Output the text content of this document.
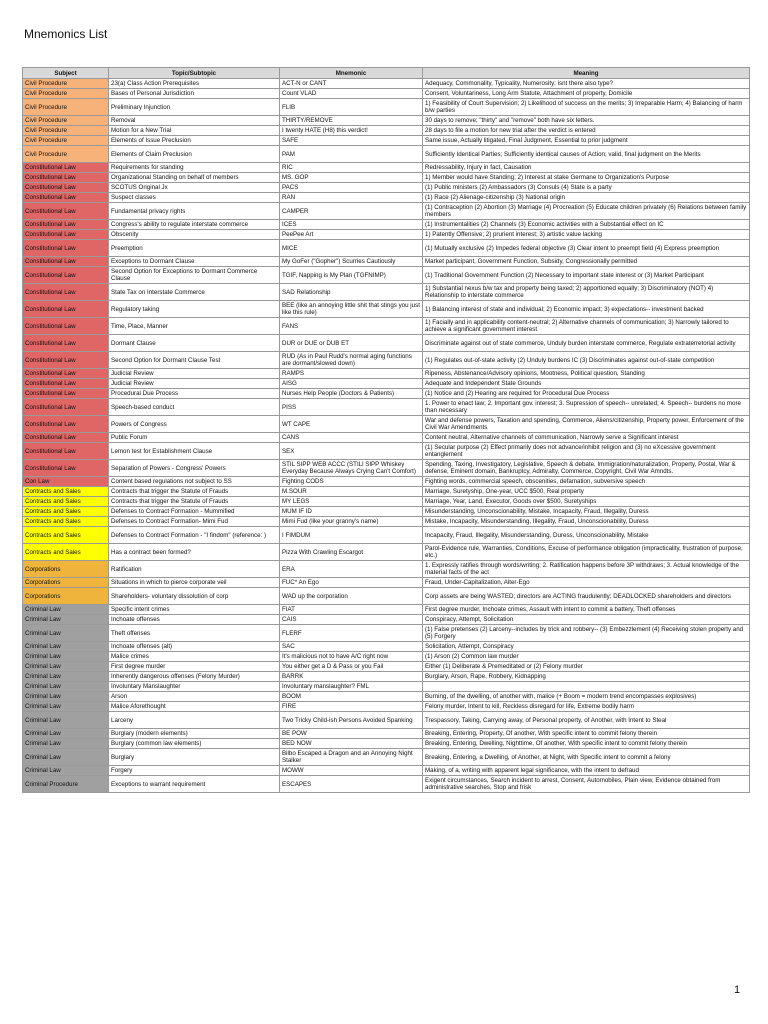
Mnemonics List
Subject	Topic/Subtopic	Mnemonic	Meaning
Civil Procedure	23(a) Class Action Prerequisites	ACT-N or CANT	Adequacy, Commonality, Typicality, Numerosity; isnt there also type?
Civil Procedure	Bases of Personal Jurisdiction	Count VLAD	Consent, Voluntariness, Long Arm Statute, Attachment of property, Domicile
Civil Procedure	Preliminary Injunction	FLIB	1) Feasibility of Court Supervision; 2) Likelihood of success on the merits; 3) Irreparable Harm; 4) Balancing of harm b/w parties
Civil Procedure	Removal	THIRTY/REMOVE	30 days to remove; "thirty" and "remove" both have six letters.
Civil Procedure	Motion for a New Trial	I twenty HATE (H8) this verdict!	28 days to file a motion for new trial after the verdict is entered
Civil Procedure	Elements of Issue Preclusion	SAFE	Same issue, Actually litigated, Final Judgment, Essential to prior judgment
Civil Procedure	Elements of Claim Preclusion	PAM	Sufficiently Identical Parties; Sufficiently identical causes of Action; valid, final judgment on the Merits
Constitutional Law	Requirements for standing	RIC	Redressability, Injury in fact, Causation
Constitutional Law	Organizational Standing on behalf of members	MS. GOP	1) Member would have Standing; 2) Interest at stake Germane to Organization's Purpose
Constitutional Law	SCOTUS Original Jx	PACS	(1) Public ministers (2) Ambassadors (3) Consuls (4) State is a party
Constitutional Law	Suspect classes	RAN	(1) Race (2) Alienage-citizenship (3) National origin
Constitutional Law	Fundamental privacy rights	CAMPER	(1) Contraception (2) Abortion (3) Marriage (4) Procreation (5) Educate children privately (6) Relations between family members
Constitutional Law	Congress's ability to regulate interstate commerce	ICES	(1) Instrumentalities (2) Channels (3) Economic activities with a Substantial effect on IC
Constitutional Law	Obscenity	PeePee Art	1) Patently Offensive; 2) prurient interest; 3) artistic value lacking
Constitutional Law	Preemption	MICE	(1) Mutually exclusive (2) Impedes federal objective (3) Clear intent to preempt field (4) Express preemption
Constitutional Law	Exceptions to Dormant Clause	My GoFer ("Gopher") Scurries Cautiously	Market participant, Government Function, Subsidy, Congressionally permitted
Constitutional Law	Second Option for Exceptions to Dormant Commerce Clause	TGIF, Napping is My Plan (TGFNIMP)	(1) Traditional Government Function (2) Necessary to important state interest or (3) Market Participant
Constitutional Law	State Tax on Interstate Commerce	SAD Relationship	1) Substantial nexus b/w tax and property being taxed; 2) apportioned equally; 3) Discriminatory (NOT) 4) Relationship to interstate commerce
Constitutional Law	Regulatory taking	BEE (like an annoying little shit that stings you just like this rule)	1) Balancing interest of state and individual; 2) Economic impact; 3) expectations-- investment backed
Constitutional Law	Time, Place, Manner	FANS	1) Facially and in applicability content-neutral; 2) Alternative channels of communication; 3) Narrowly tailored to achieve a significant government interest
Constitutional Law	Dormant Clause	DUR or DUE or DUB ET	Discriminate against out of state commerce, Unduly burden interstate commerce, Regulate extraterretorial activity
Constitutional Law	Second Option for Dormant Clause Test	RUD (As in Paul Rudd's normal aging functions are dormant/slowed down)	(1) Regulates out-of-state activity (2) Unduly burdens IC (3) Discriminates against out-of-state competition
Constitutional Law	Judicial Review	RAMPS	Ripeness, Abstenance/Advisory opinions, Mootness, Political question, Standing
Constitutional Law	Judicial Review	AISG	Adequate and Independent State Grounds
Constitutional Law	Procedural Due Process	Nurses Help People (Doctors & Patients)	(1) Notice and (2) Hearing are required for Procedural Due Process
Constitutional Law	Speech-based conduct	PISS	1. Power to enact law; 2. Important gov. interest; 3. Supression of speech-- unrelated; 4. Speech-- burdens no more than necessary
Constitutional Law	Powers of Congress	WT CAPE	War and defense powers, Taxation and spending, Commerce, Aliens/citizenship, Property power, Enforcement of the Civil War Amendments
Constitutional Law	Public Forum	CANS	Content neutral, Alternative channels of communication, Narrowly serve a Significant interest
Constitutional Law	Lemon test for Establishment Clause	SEX	(1) Secular purpose (2) Effect primarily does not advance/inhibit religion and (3) no eXcessive government entanglement
Constitutional Law	Separation of Powers - Congress' Powers	STIL SIPP WEB ACCC (STILl SIPP Whiskey Everyday Because Always Crying Can't Comfort)	Spending, Taxing, Investigatory, Legislative, Speech & debate, Immigration/naturalization, Property, Postal, War & defense, Eminent domain, Bankruptcy, Admiralty, Commerce, Copyright, Civil War Amndts.
Con Law	Content based regulations not subject to SS	Fighting CODS	Fighting words, commercial speech, obscenities, defamation, subversive speech
Contracts and Sales	Contracts that trigger the Statute of Frauds	M.SOUR	Marriage, Suretyship, One-year, UCC $500, Real property
Contracts and Sales	Contracts that trigger the Statute of Frauds	MY LEGS	Marriage, Year, Land, Executor, Goods over $500, Suretyships
Contracts and Sales	Defenses to Contract Formation - Mummified	MUM IF ID	Misunderstanding, Unconscionability, Mistake, Incapacity, Fraud, Illegality, Duress
Contracts and Sales	Defenses to Contract Formation- Mimi Fud	Mimi Fud (like your granny's name)	Mistake, Incapacity, Misunderstanding, Illegality, Fraud, Unconscionability, Duress
Contracts and Sales	Defenses to Contract Formation - "I findom" (reference: )	I FIMDUM	Incapacity, Fraud, Illegality, Misunderstanding, Duress, Unconscionability, Mistake
Contracts and Sales	Has a contract been formed?	Pizza With Crawling Escargot	Parol-Evidence rule, Warranties, Conditions, Excuse of performance obligation (impracticality, frustration of purpose, etc.)
Corporations	Ratification	ERA	1. Expressly ratifies through words/writing; 2. Ratification happens before 3P withdraws; 3. Actual knowledge of the material facts of the act
Corporations	Situations in which to pierce corporate veil	FUC* An Ego	Fraud, Under-Capitalization, Alter-Ego
Corporations	Shareholders- voluntary dissolution of corp	WAD up the corporation	Corp assets are being WASTED; directors are ACTING fraudulently; DEADLOCKED shareholders and directors
Criminal Law	Specific intent crimes	FIAT	First degree murder, Inchoate crimes, Assault with intent to commit a battery, Theft offenses
Criminal Law	Inchoate offenses	CAIS	Conspiracy, Attempt, Solicitation
Criminal Law	Theft offenses	FLERF	(1) False pretenses (2) Larceny--includes by trick and robbery-- (3) Embezzlement (4) Receiving stolen property and (5) Forgery
Criminal Law	Inchoate offenses (alt)	SAC	Solicitation, Attempt, Conspiracy
Criminal Law	Malice crimes	It's malicious not to have A/C right now	(1) Arson (2) Common law murder
Criminal Law	First degree murder	You either get a D & Pass or you Fail	Either (1) Deliberate & Premeditated or (2) Felony murder
Criminal Law	Inherently dangerous offenses (Felony Murder)	BARRK	Burglary, Arson, Rape, Robbery, Kidnapping
Criminal Law	Involuntary Manslaughter	Involuntary manslaughter? FML	
Criminal Law	Arson	BOOM	Burning, of the dwelling, of another with, malice (+ Boom = modern trend encompasses explosives)
Criminal Law	Malice Aforethought	FIRE	Felony murder, Intent to kill, Reckless disregard for life, Extreme bodily harm
Criminal Law	Larceny	Two Tricky Child-ish Persons Avoided Spanking	Trespassory, Taking, Carrying away, of Personal property, of Another, with Intent to Steal
Criminal Law	Burglary (modern elements)	BE POW	Breaking, Entering, Property, Of another, With specific intent to commit felony therein
Criminal Law	Burglary (common law elements)	BED NOW	Breaking, Entering, Dwelling, Nighttime, Of another, With specific intent to commit felony therein
Criminal Law	Burglary	Bilbo Escaped a Dragon and an Annoying Night Stalker	Breaking, Entering, a Dwelling, of Another, at Night, with Specific intent to commit a felony
Criminal Law	Forgery	MOWW	Making, of a, writing with apparent legal significance, with the intent to defraud
Criminal Procedure	Exceptions to warrant requirement	ESCAPES	Exigent circumstances, Search incident to arrest, Consent, Automobiles, Plain view, Evidence obtained from administrative searches, Stop and frisk
1
